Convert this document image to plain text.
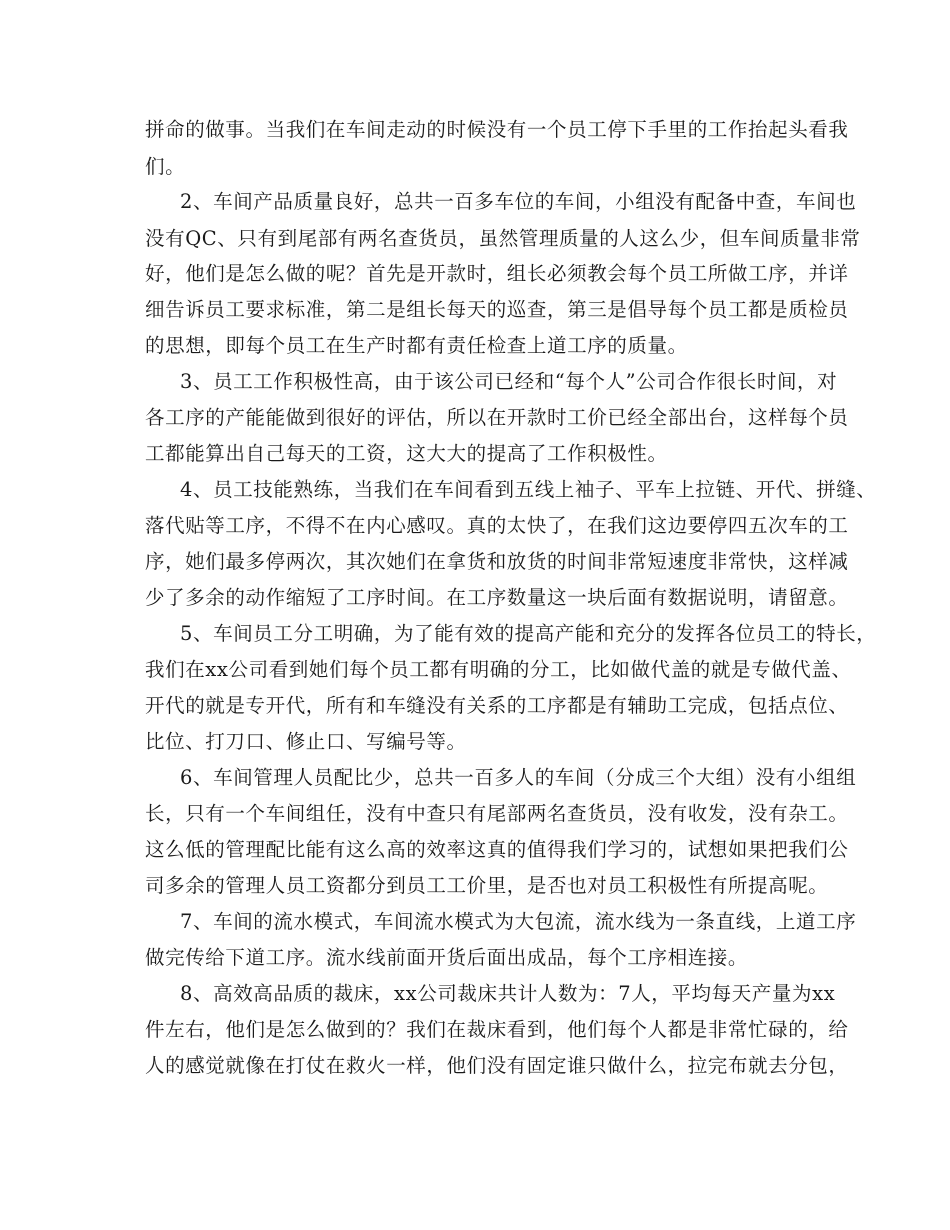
拼命的做事。当我们在车间走动的时候没有一个员工停下手里的工作抬起头看我
们。
2、车间产品质量良好，总共一百多车位的车间，小组没有配备中查，车间也
没有QC、只有到尾部有两名查货员，虽然管理质量的人这么少，但车间质量非常
好，他们是怎么做的呢？首先是开款时，组长必须教会每个员工所做工序，并详
细告诉员工要求标准，第二是组长每天的巡查，第三是倡导每个员工都是质检员
的思想，即每个员工在生产时都有责任检查上道工序的质量。
3、员工工作积极性高，由于该公司已经和“每个人”公司合作很长时间，对
各工序的产能能做到很好的评估，所以在开款时工价已经全部出台，这样每个员
工都能算出自己每天的工资，这大大的提高了工作积极性。
4、员工技能熟练，当我们在车间看到五线上袖子、平车上拉链、开代、拼缝、
落代贴等工序，不得不在内心感叹。真的太快了，在我们这边要停四五次车的工
序，她们最多停两次，其次她们在拿货和放货的时间非常短速度非常快，这样减
少了多余的动作缩短了工序时间。在工序数量这一块后面有数据说明，请留意。
5、车间员工分工明确，为了能有效的提高产能和充分的发挥各位员工的特长，
我们在xx公司看到她们每个员工都有明确的分工，比如做代盖的就是专做代盖、
开代的就是专开代，所有和车缝没有关系的工序都是有辅助工完成，包括点位、
比位、打刀口、修止口、写编号等。
6、车间管理人员配比少，总共一百多人的车间（分成三个大组）没有小组组
长，只有一个车间组任，没有中查只有尾部两名查货员，没有收发，没有杂工。
这么低的管理配比能有这么高的效率这真的值得我们学习的，试想如果把我们公
司多余的管理人员工资都分到员工工价里，是否也对员工积极性有所提高呢。
7、车间的流水模式，车间流水模式为大包流，流水线为一条直线，上道工序
做完传给下道工序。流水线前面开货后面出成品，每个工序相连接。
8、高效高品质的裁床，xx公司裁床共计人数为：7人，平均每天产量为xx
件左右，他们是怎么做到的？我们在裁床看到，他们每个人都是非常忙碌的，给
人的感觉就像在打仗在救火一样，他们没有固定谁只做什么，拉完布就去分包，
